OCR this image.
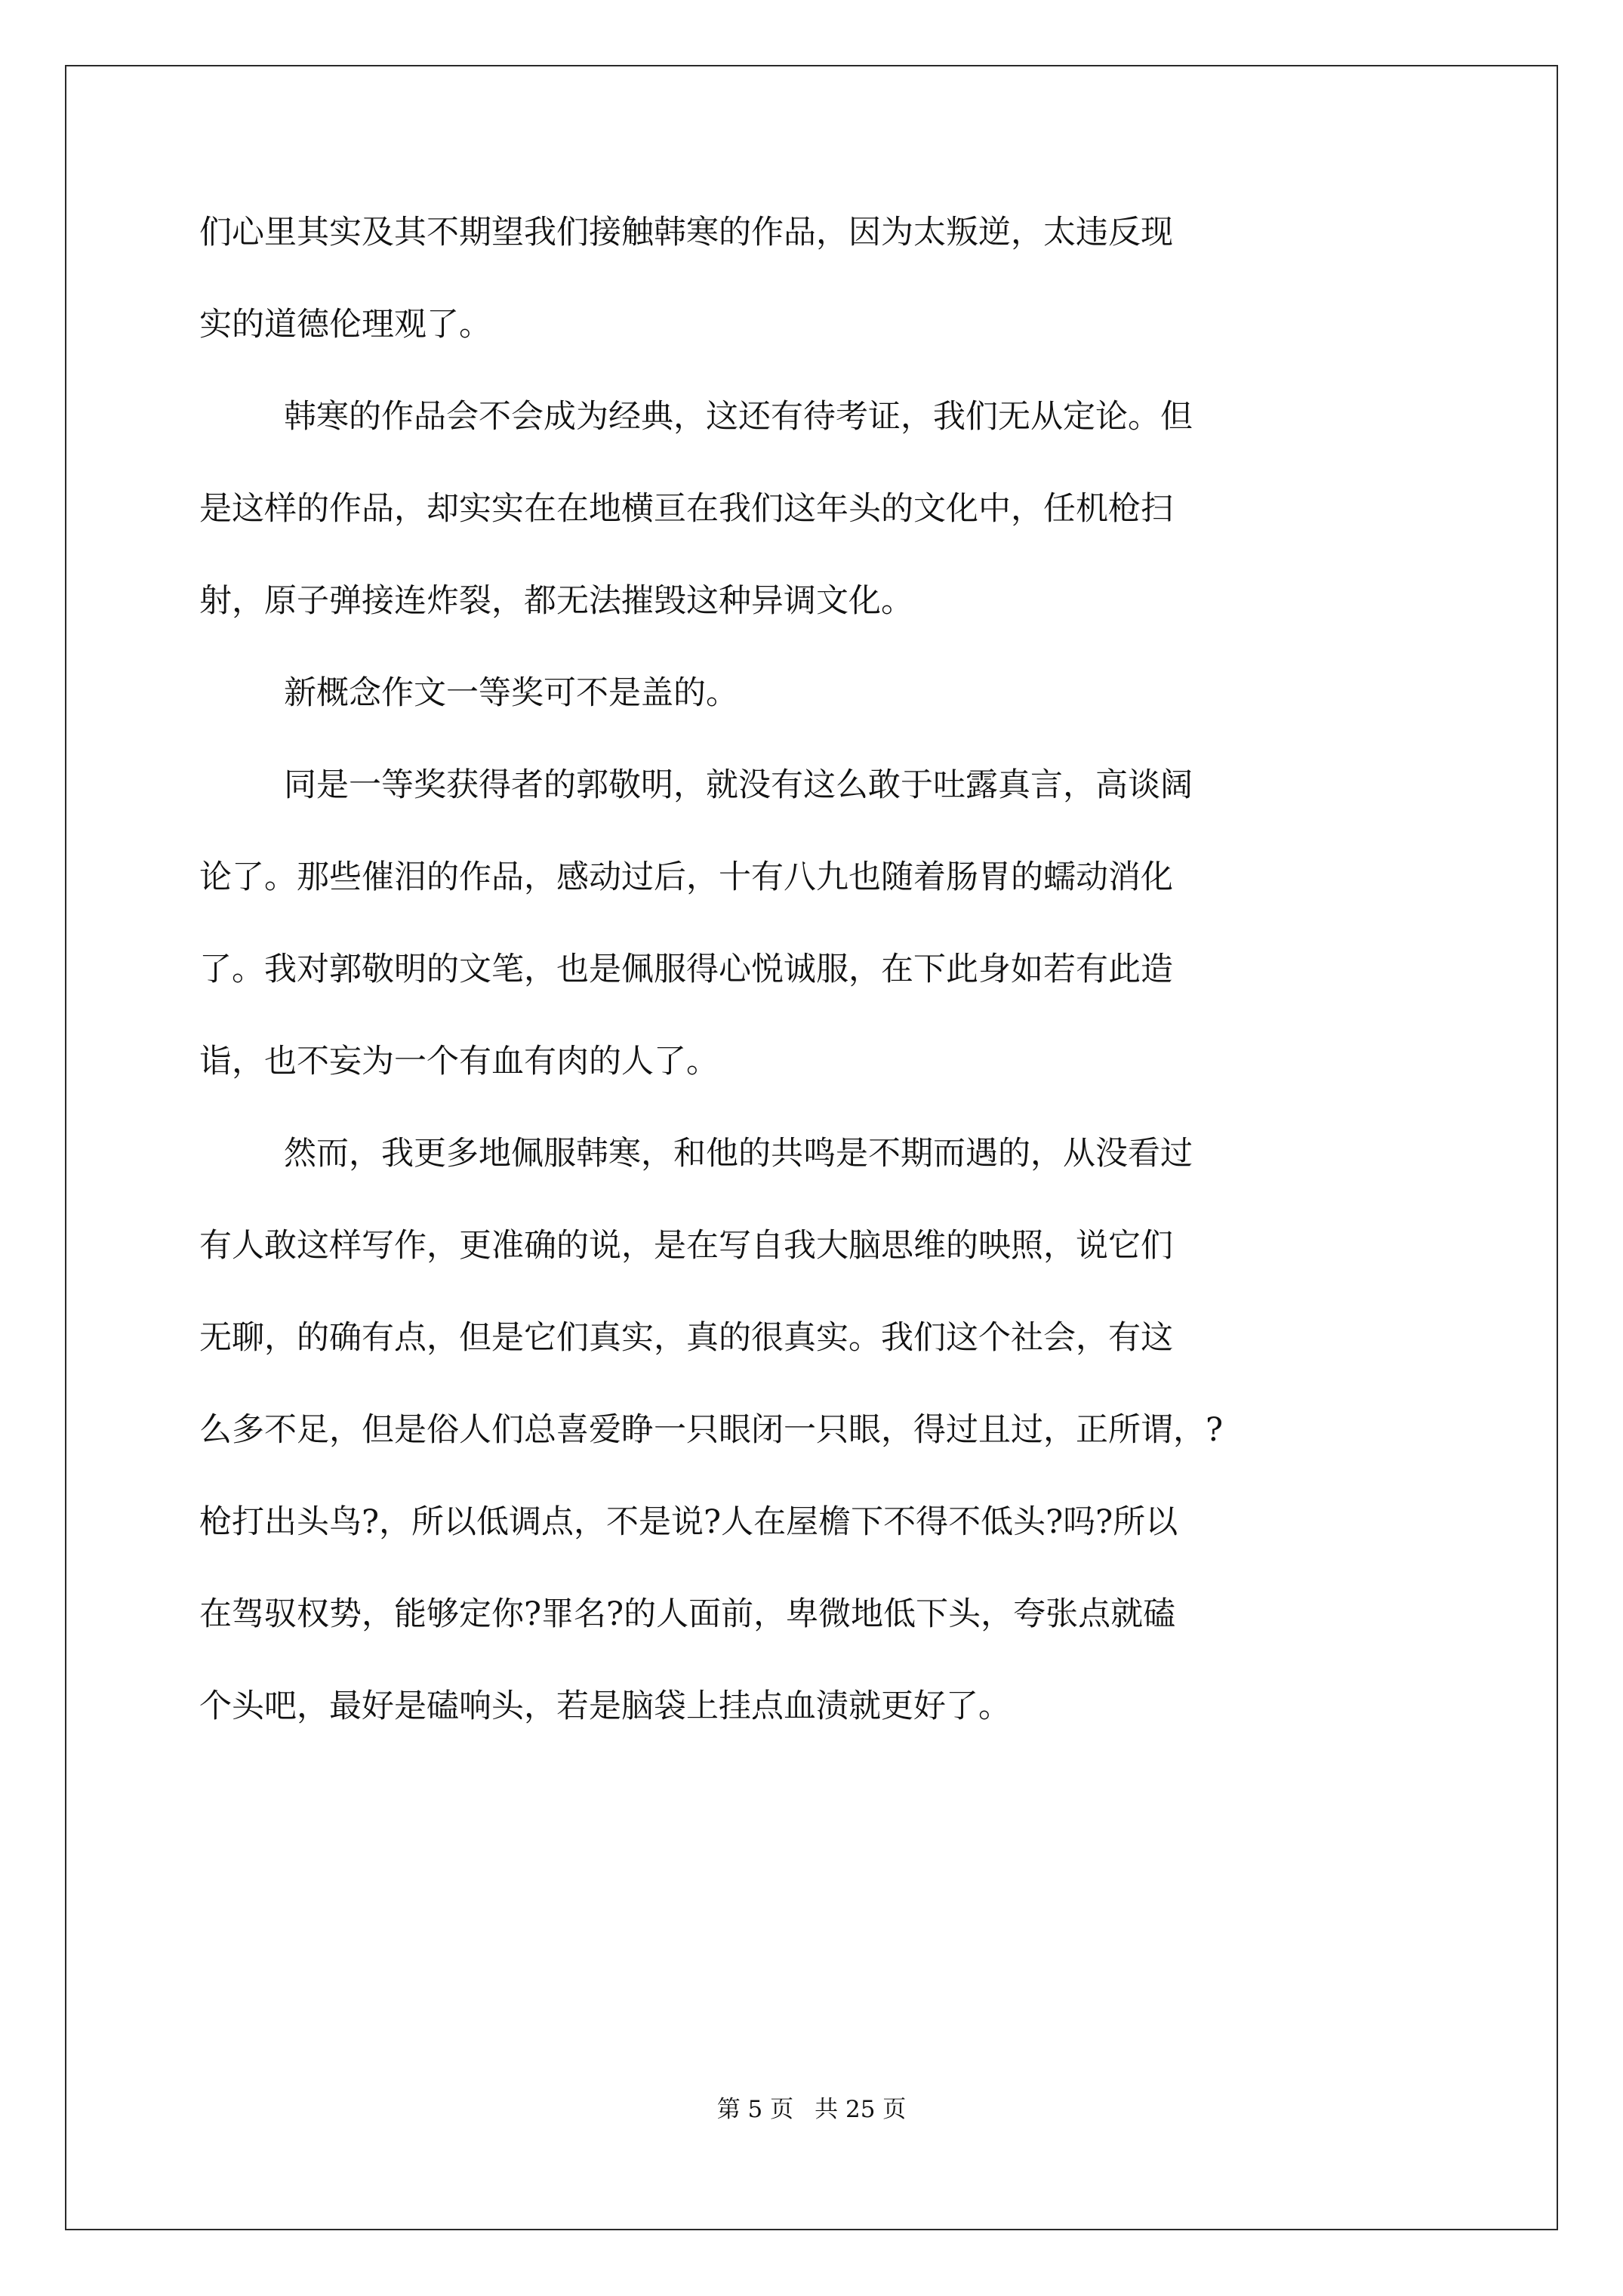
们心里其实及其不期望我们接触韩寒的作品，因为太叛逆，太违反现
实的道德伦理观了。
韩寒的作品会不会成为经典，这还有待考证，我们无从定论。但
是这样的作品，却实实在在地横亘在我们这年头的文化中，任机枪扫
射，原子弹接连炸裂，都无法摧毁这种异调文化。
新概念作文一等奖可不是盖的。
同是一等奖获得者的郭敬明，就没有这么敢于吐露真言，高谈阔
论了。那些催泪的作品，感动过后，十有八九也随着肠胃的蠕动消化
了。我对郭敬明的文笔，也是佩服得心悦诚服，在下此身如若有此造
诣，也不妄为一个有血有肉的人了。
然而，我更多地佩服韩寒，和他的共鸣是不期而遇的，从没看过
有人敢这样写作，更准确的说，是在写自我大脑思维的映照，说它们
无聊，的确有点，但是它们真实，真的很真实。我们这个社会，有这
么多不足，但是俗人们总喜爱睁一只眼闭一只眼，得过且过，正所谓，?
枪打出头鸟?，所以低调点，不是说?人在屋檐下不得不低头?吗?所以
在驾驭权势，能够定你?罪名?的人面前，卑微地低下头，夸张点就磕
个头吧，最好是磕响头，若是脑袋上挂点血渍就更好了。
第 5 页 共 25 页
